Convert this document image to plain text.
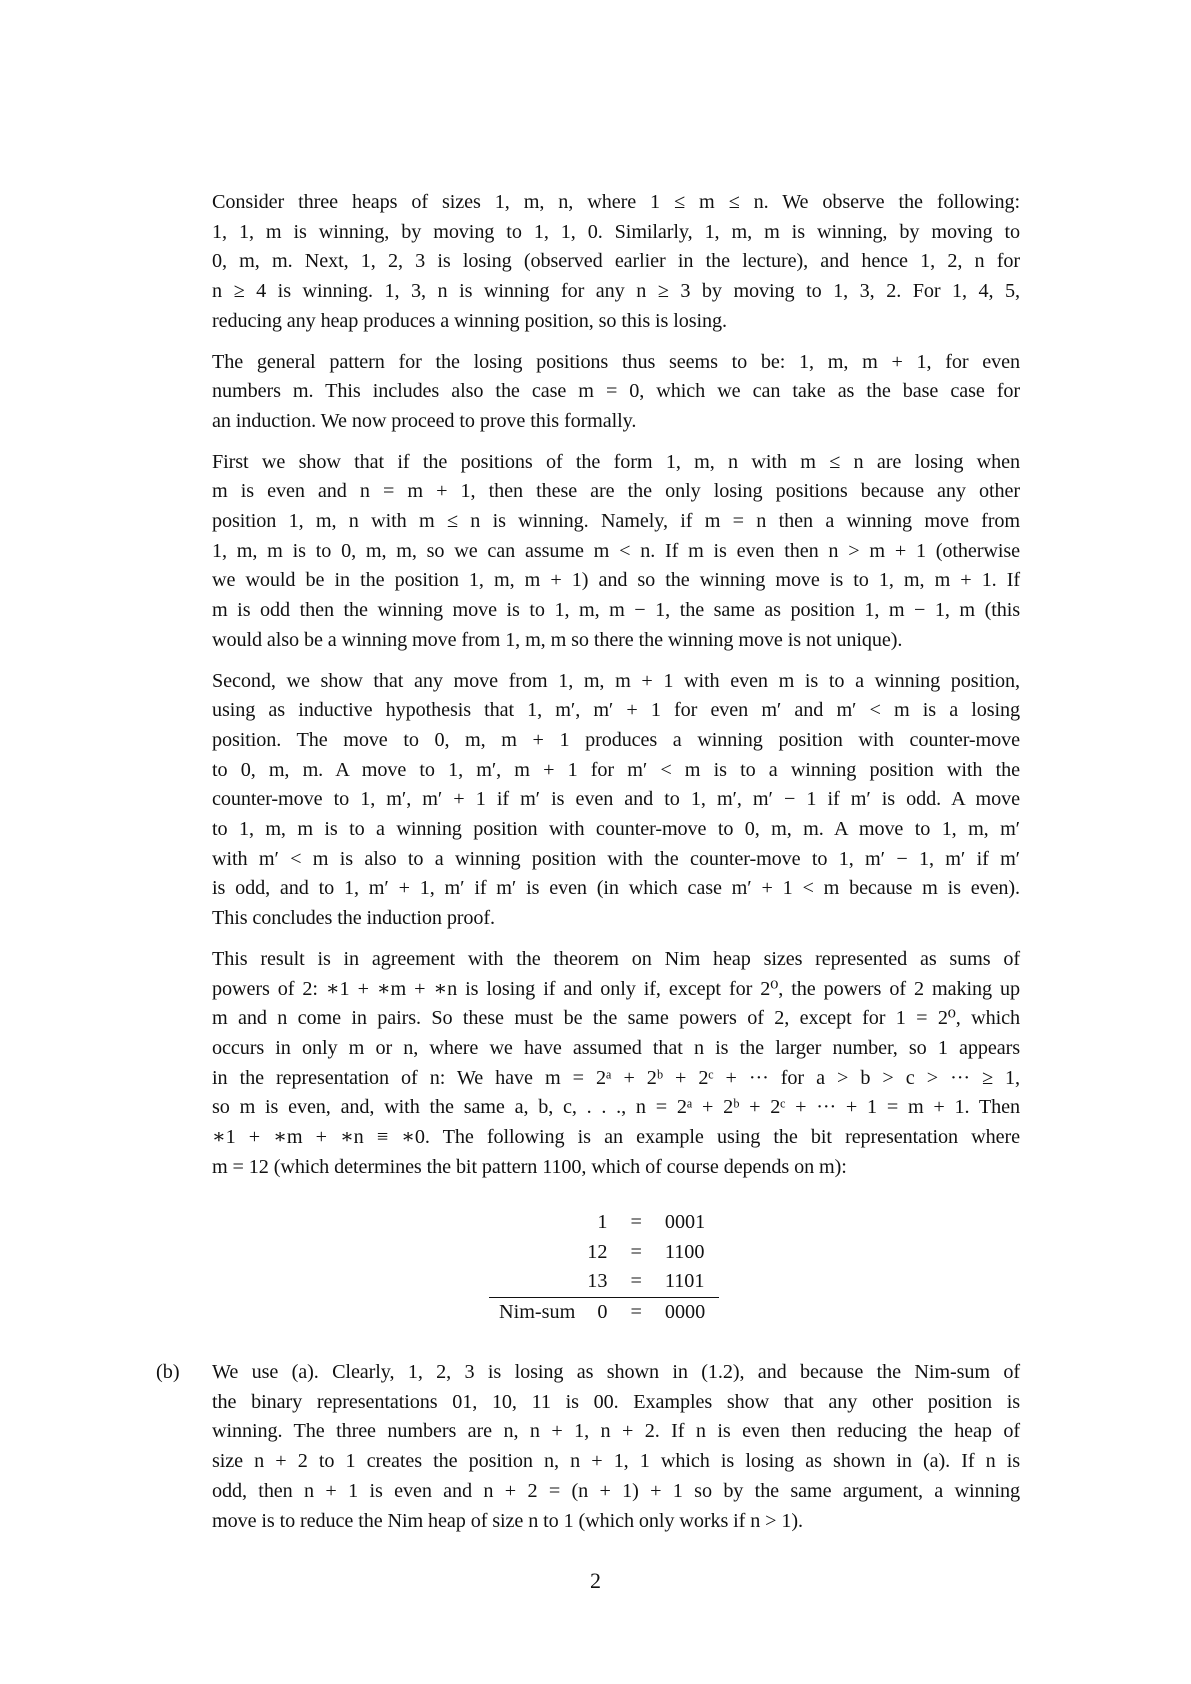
Consider three heaps of sizes 1, m, n, where 1 ≤ m ≤ n. We observe the following:
1, 1, m is winning, by moving to 1, 1, 0. Similarly, 1, m, m is winning, by moving to
0, m, m. Next, 1, 2, 3 is losing (observed earlier in the lecture), and hence 1, 2, n for
n ≥ 4 is winning. 1, 3, n is winning for any n ≥ 3 by moving to 1, 3, 2. For 1, 4, 5,
reducing any heap produces a winning position, so this is losing.

The general pattern for the losing positions thus seems to be: 1, m, m + 1, for even
numbers m. This includes also the case m = 0, which we can take as the base case for
an induction. We now proceed to prove this formally.

First we show that if the positions of the form 1, m, n with m ≤ n are losing when
m is even and n = m + 1, then these are the only losing positions because any other
position 1, m, n with m ≤ n is winning. Namely, if m = n then a winning move from
1, m, m is to 0, m, m, so we can assume m < n. If m is even then n > m + 1 (otherwise
we would be in the position 1, m, m + 1) and so the winning move is to 1, m, m + 1. If
m is odd then the winning move is to 1, m, m − 1, the same as position 1, m − 1, m (this
would also be a winning move from 1, m, m so there the winning move is not unique).

Second, we show that any move from 1, m, m + 1 with even m is to a winning position,
using as inductive hypothesis that 1, m′, m′ + 1 for even m′ and m′ < m is a losing
position. The move to 0, m, m + 1 produces a winning position with counter-move
to 0, m, m. A move to 1, m′, m + 1 for m′ < m is to a winning position with the
counter-move to 1, m′, m′ + 1 if m′ is even and to 1, m′, m′ − 1 if m′ is odd. A move
to 1, m, m is to a winning position with counter-move to 0, m, m. A move to 1, m, m′
with m′ < m is also to a winning position with the counter-move to 1, m′ − 1, m′ if m′
is odd, and to 1, m′ + 1, m′ if m′ is even (in which case m′ + 1 < m because m is even).
This concludes the induction proof.

This result is in agreement with the theorem on Nim heap sizes represented as sums of
powers of 2: ∗1 + ∗m + ∗n is losing if and only if, except for 2⁰, the powers of 2 making up
m and n come in pairs. So these must be the same powers of 2, except for 1 = 2⁰, which
occurs in only m or n, where we have assumed that n is the larger number, so 1 appears
in the representation of n: We have m = 2ᵃ + 2ᵇ + 2ᶜ + ··· for a > b > c > ··· ≥ 1,
so m is even, and, with the same a, b, c, . . ., n = 2ᵃ + 2ᵇ + 2ᶜ + ··· + 1 = m + 1. Then
∗1 + ∗m + ∗n ≡ ∗0. The following is an example using the bit representation where
m = 12 (which determines the bit pattern 1100, which of course depends on m):

	1	=	0001
	12	=	1100
	13	=	1101
Nim-sum	0	=	0000
(b) We use (a). Clearly, 1, 2, 3 is losing as shown in (1.2), and because the Nim-sum of
the binary representations 01, 10, 11 is 00. Examples show that any other position is
winning. The three numbers are n, n + 1, n + 2. If n is even then reducing the heap of
size n + 2 to 1 creates the position n, n + 1, 1 which is losing as shown in (a). If n is
odd, then n + 1 is even and n + 2 = (n + 1) + 1 so by the same argument, a winning
move is to reduce the Nim heap of size n to 1 (which only works if n > 1).

2
